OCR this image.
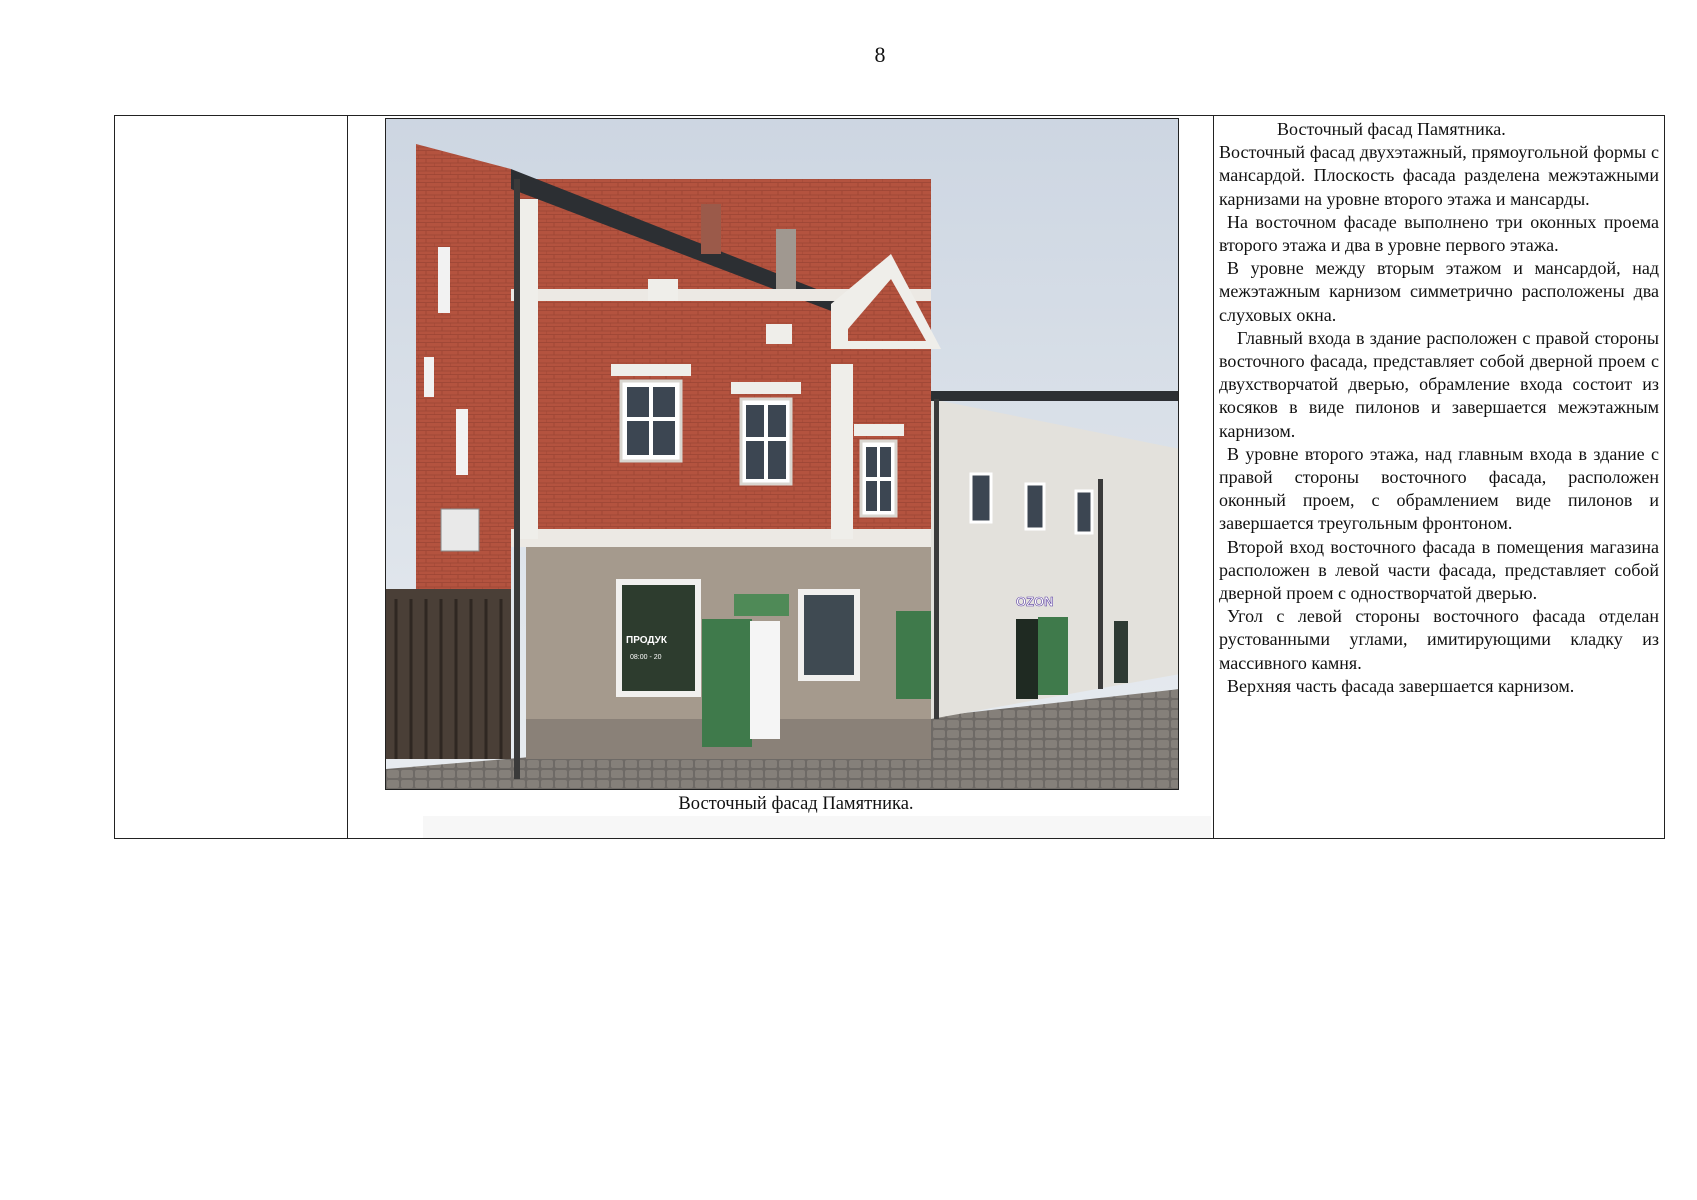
8
ПРОДУК
08:00 - 20
OZON
Восточный фасад Памятника.
Восточный фасад Памятника.

Восточный фасад двухэтажный, прямоугольной формы с мансардой. Плоскость фасада разделена межэтажными карнизами на уровне второго этажа и мансарды.

На восточном фасаде выполнено три оконных проема второго этажа и два в уровне первого этажа.

В уровне между вторым этажом и мансардой, над межэтажным карнизом симметрично расположены два слуховых окна.

Главный входа в здание расположен с правой стороны восточного фасада, представляет собой дверной проем с двухстворчатой дверью, обрамление входа состоит из косяков в виде пилонов и завершается межэтажным карнизом.

В уровне второго этажа, над главным входа в здание с правой стороны восточного фасада, расположен оконный проем, с обрамлением виде пилонов и завершается треугольным фронтоном.

Второй вход восточного фасада в помещения магазина расположен в левой части фасада, представляет собой дверной проем с одностворчатой дверью.

Угол с левой стороны восточного фасада отделан рустованными углами, имитирующими кладку из массивного камня.

Верхняя часть фасада завершается карнизом.
